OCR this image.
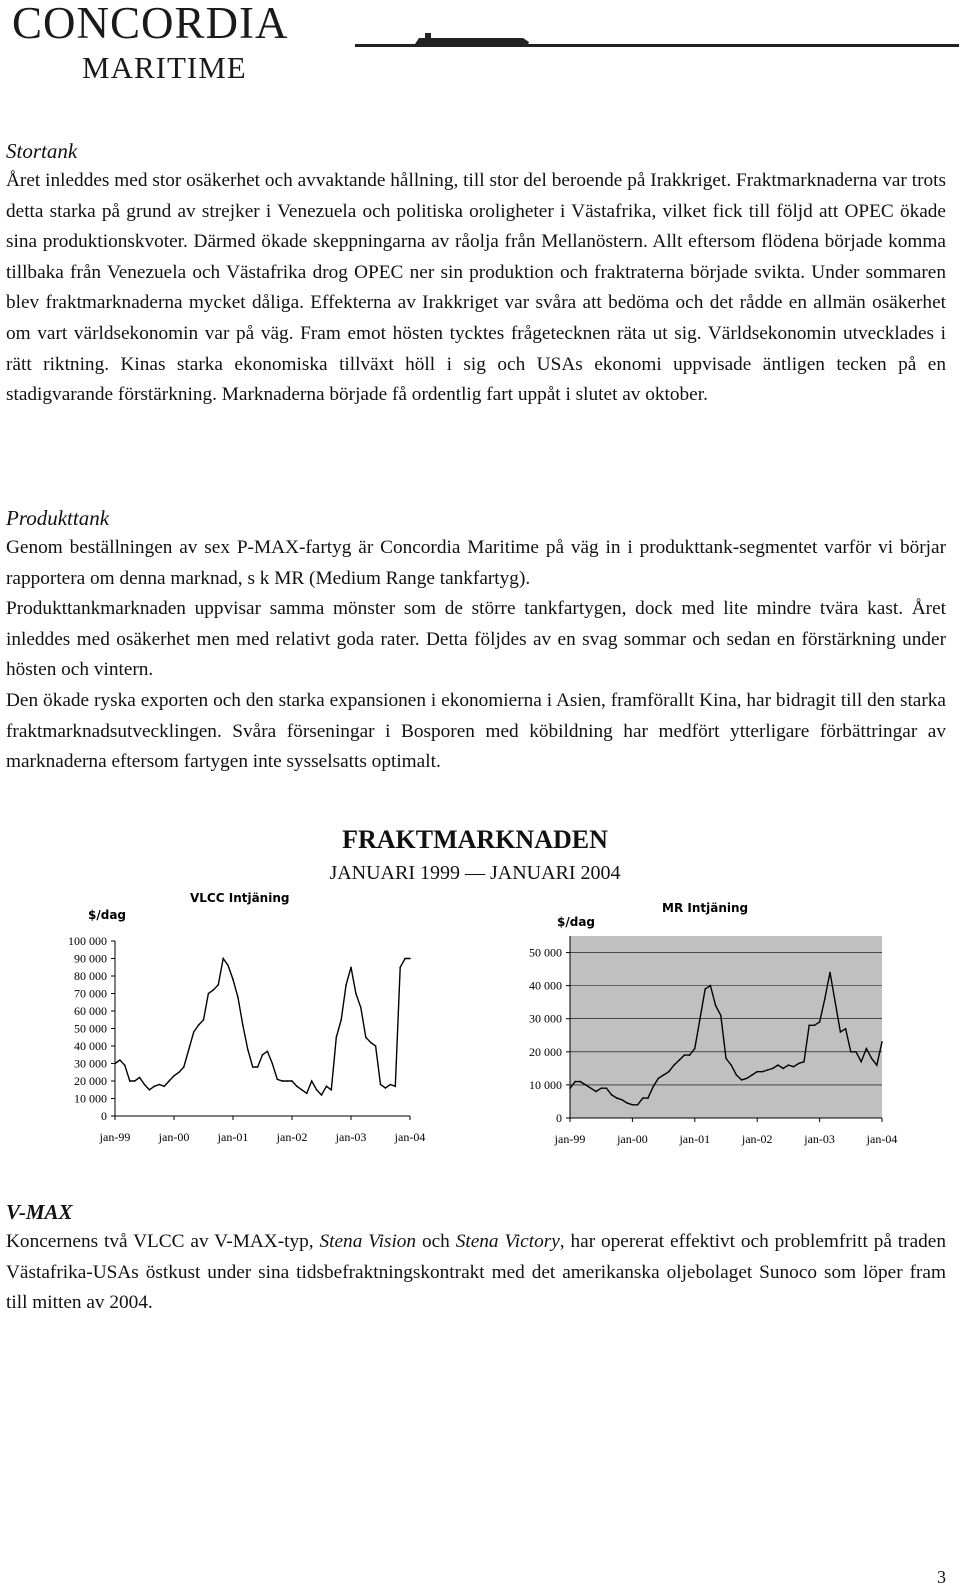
CONCORDIA
MARITIME

Stortank

Året inleddes med stor osäkerhet och avvaktande hållning, till stor del beroende på Irakkriget. Fraktmarknaderna var trots detta starka på grund av strejker i Venezuela och politiska oroligheter i Västafrika, vilket fick till följd att OPEC ökade sina produktionskvoter. Därmed ökade skeppningarna av råolja från Mellanöstern. Allt eftersom flödena började komma tillbaka från Venezuela och Västafrika drog OPEC ner sin produktion och fraktraterna började svikta. Under sommaren blev fraktmarknaderna mycket dåliga. Effekterna av Irakkriget var svåra att bedöma och det rådde en allmän osäkerhet om vart världsekonomin var på väg. Fram emot hösten tycktes frågetecknen räta ut sig. Världsekonomin utvecklades i rätt riktning. Kinas starka ekonomiska tillväxt höll i sig och USAs ekonomi uppvisade äntligen tecken på en stadigvarande förstärkning. Marknaderna började få ordentlig fart uppåt i slutet av oktober.

Produkttank

Genom beställningen av sex P-MAX-fartyg är Concordia Maritime på väg in i produkttank-segmentet varför vi börjar rapportera om denna marknad, s k MR (Medium Range tankfartyg).

Produkttankmarknaden uppvisar samma mönster som de större tankfartygen, dock med lite mindre tvära kast. Året inleddes med osäkerhet men med relativt goda rater. Detta följdes av en svag sommar och sedan en förstärkning under hösten och vintern.

Den ökade ryska exporten och den starka expansionen i ekonomierna i Asien, framförallt Kina, har bidragit till den starka fraktmarknadsutvecklingen. Svåra förseningar i Bosporen med köbildning har medfört ytterligare förbättringar av marknaderna eftersom fartygen inte sysselsatts optimalt.

FRAKTMARKNADEN
JANUARI 1999 — JANUARI 2004
VLCC Intjäning
$/dag
100 000
90 000
80 000
70 000
60 000
50 000
40 000
30 000
20 000
10 000
0
jan-99 jan-00 jan-01 jan-02 jan-03 jan-04
MR Intjäning
$/dag
50 000
40 000
30 000
20 000
10 000
0
jan-99	jan-00	jan-01	jan-02	jan-03	jan-04

V-MAX

Koncernens två VLCC av V-MAX-typ, Stena Vision och Stena Victory, har opererat effektivt och problemfritt på traden Västafrika-USAs östkust under sina tidsbefraktningskontrakt med det amerikanska oljebolaget Sunoco som löper fram till mitten av 2004.

3
